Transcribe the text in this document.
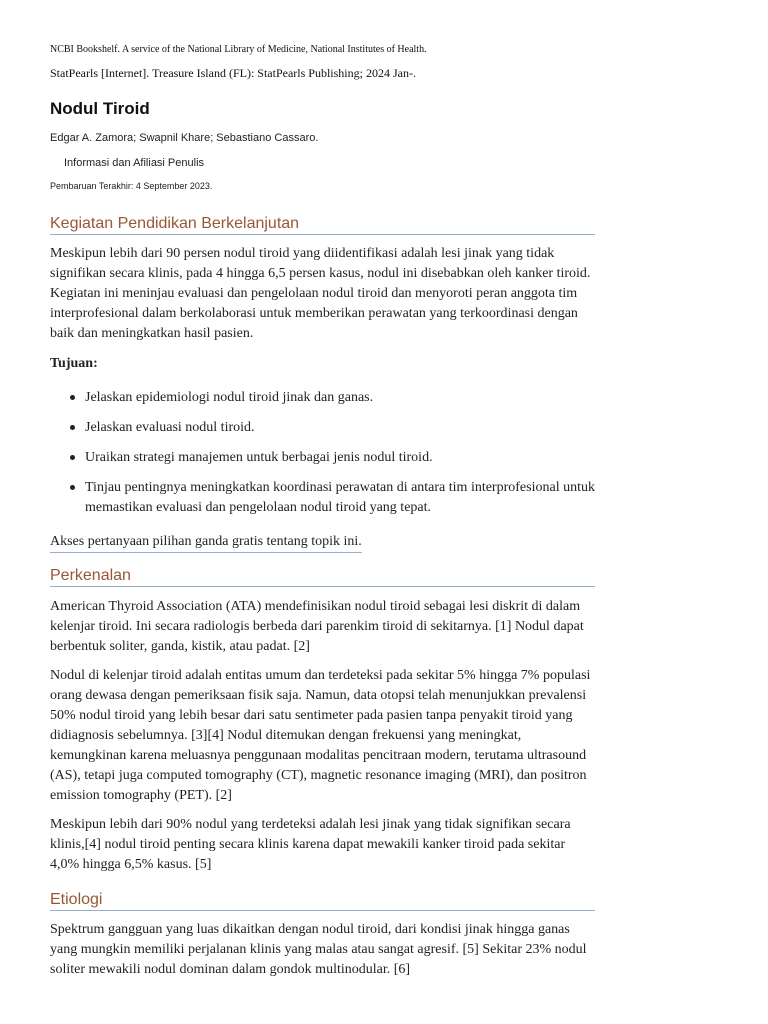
NCBI Bookshelf. A service of the National Library of Medicine, National Institutes of Health.
StatPearls [Internet]. Treasure Island (FL): StatPearls Publishing; 2024 Jan-.
Nodul Tiroid
Edgar A. Zamora; Swapnil Khare; Sebastiano Cassaro.
Informasi dan Afiliasi Penulis
Pembaruan Terakhir: 4 September 2023.
Kegiatan Pendidikan Berkelanjutan

Meskipun lebih dari 90 persen nodul tiroid yang diidentifikasi adalah lesi jinak yang tidak signifikan secara klinis, pada 4 hingga 6,5 persen kasus, nodul ini disebabkan oleh kanker tiroid. Kegiatan ini meninjau evaluasi dan pengelolaan nodul tiroid dan menyoroti peran anggota tim interprofesional dalam berkolaborasi untuk memberikan perawatan yang terkoordinasi dengan baik dan meningkatkan hasil pasien.

Tujuan:

Jelaskan epidemiologi nodul tiroid jinak dan ganas.
Jelaskan evaluasi nodul tiroid.
Uraikan strategi manajemen untuk berbagai jenis nodul tiroid.
Tinjau pentingnya meningkatkan koordinasi perawatan di antara tim interprofesional untuk memastikan evaluasi dan pengelolaan nodul tiroid yang tepat.
Akses pertanyaan pilihan ganda gratis tentang topik ini.
Perkenalan

American Thyroid Association (ATA) mendefinisikan nodul tiroid sebagai lesi diskrit di dalam kelenjar tiroid. Ini secara radiologis berbeda dari parenkim tiroid di sekitarnya. [1] Nodul dapat berbentuk soliter, ganda, kistik, atau padat. [2]

Nodul di kelenjar tiroid adalah entitas umum dan terdeteksi pada sekitar 5% hingga 7% populasi orang dewasa dengan pemeriksaan fisik saja. Namun, data otopsi telah menunjukkan prevalensi 50% nodul tiroid yang lebih besar dari satu sentimeter pada pasien tanpa penyakit tiroid yang didiagnosis sebelumnya. [3][4] Nodul ditemukan dengan frekuensi yang meningkat, kemungkinan karena meluasnya penggunaan modalitas pencitraan modern, terutama ultrasound (AS), tetapi juga computed tomography (CT), magnetic resonance imaging (MRI), dan positron emission tomography (PET). [2]

Meskipun lebih dari 90% nodul yang terdeteksi adalah lesi jinak yang tidak signifikan secara klinis,[4] nodul tiroid penting secara klinis karena dapat mewakili kanker tiroid pada sekitar 4,0% hingga 6,5% kasus. [5]

Etiologi

Spektrum gangguan yang luas dikaitkan dengan nodul tiroid, dari kondisi jinak hingga ganas yang mungkin memiliki perjalanan klinis yang malas atau sangat agresif. [5] Sekitar 23% nodul soliter mewakili nodul dominan dalam gondok multinodular. [6]
